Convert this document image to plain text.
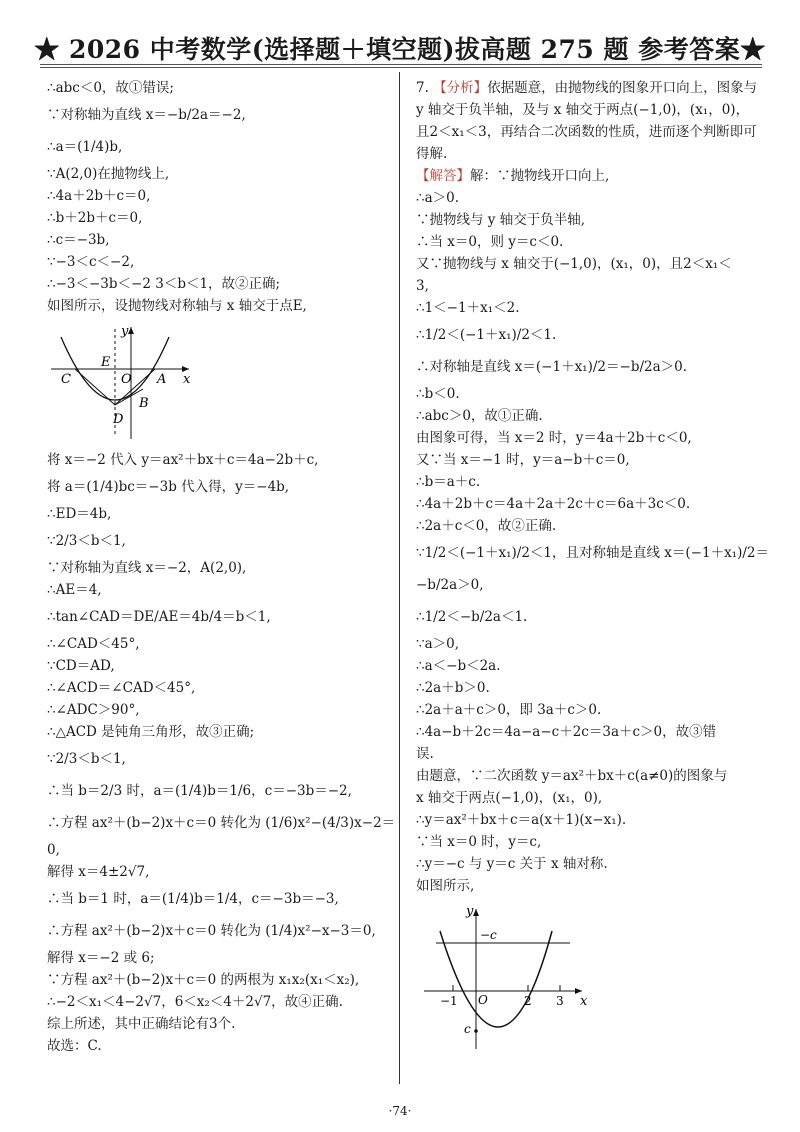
★ 2026 中考数学(选择题＋填空题)拔高题 275 题 参考答案★
∴abc＜0，故①错误;
∵对称轴为直线 x＝−b/2a＝−2,
∴a＝(1/4)b,
∵A(2,0)在抛物线上,
∴4a＋2b＋c＝0,
∴b＋2b＋c＝0,
∴c＝−3b,
∵−3＜c＜−2,
∴−3＜−3b＜−2 3＜b＜1，故②正确;
如图所示，设抛物线对称轴与 x 轴交于点E,
y
x
C
E
O A
B
D
将 x＝−2 代入 y＝ax²＋bx＋c＝4a−2b＋c,
将 a＝(1/4)bc＝−3b 代入得，y＝−4b,
∴ED＝4b,
∵2/3＜b＜1,
∵对称轴为直线 x＝−2，A(2,0),
∴AE＝4,
∴tan∠CAD＝DE/AE＝4b/4＝b＜1,
∴∠CAD＜45°,
∵CD＝AD,
∴∠ACD＝∠CAD＜45°,
∴∠ADC＞90°,
∴△ACD 是钝角三角形，故③正确;
∵2/3＜b＜1,
∴当 b＝2/3 时，a＝(1/4)b＝1/6，c＝−3b＝−2,
∴方程 ax²＋(b−2)x＋c＝0 转化为 (1/6)x²−(4/3)x−2＝
0,
解得 x＝4±2√7,
∴当 b＝1 时，a＝(1/4)b＝1/4，c＝−3b＝−3,
∴方程 ax²＋(b−2)x＋c＝0 转化为 (1/4)x²−x−3＝0,
解得 x＝−2 或 6;
∵方程 ax²＋(b−2)x＋c＝0 的两根为 x₁x₂(x₁＜x₂),
∴−2＜x₁＜4−2√7，6＜x₂＜4＋2√7，故④正确.
综上所述，其中正确结论有3个.
故选：C.
7. 【分析】依据题意，由抛物线的图象开口向上，图象与 y 轴交于负半轴，及与 x 轴交于两点(−1,0)，(x₁，0)，且2＜x₁＜3，再结合二次函数的性质，进而逐个判断即可得解.
【解答】解：∵抛物线开口向上,
∴a＞0.
∵抛物线与 y 轴交于负半轴,
∴当 x＝0，则 y＝c＜0.
又∵抛物线与 x 轴交于(−1,0)，(x₁，0)，且2＜x₁＜
3,
∴1＜−1＋x₁＜2.
∴1/2＜(−1＋x₁)/2＜1.
∴对称轴是直线 x＝(−1＋x₁)/2＝−b/2a＞0.
∴b＜0.
∴abc＞0，故①正确.
由图象可得，当 x＝2 时，y＝4a＋2b＋c＜0,
又∵当 x＝−1 时，y＝a−b＋c＝0,
∴b＝a＋c.
∴4a＋2b＋c＝4a＋2a＋2c＋c＝6a＋3c＜0.
∴2a＋c＜0，故②正确.
∵1/2＜(−1＋x₁)/2＜1，且对称轴是直线 x＝(−1＋x₁)/2＝
−b/2a＞0,
∴1/2＜−b/2a＜1.
∵a＞0,
∴a＜−b＜2a.
∴2a＋b＞0.
∴2a＋a＋c＞0，即 3a＋c＞0.
∴4a−b＋2c＝4a−a−c＋2c＝3a＋c＞0，故③错
误.
由题意，∵二次函数 y＝ax²＋bx＋c(a≠0)的图象与
x 轴交于两点(−1,0)，(x₁，0),
∴y＝ax²＋bx＋c＝a(x＋1)(x−x₁).
∵当 x＝0 时，y＝c,
∴y＝−c 与 y＝c 关于 x 轴对称.
如图所示,
y
x
−c
c
−1 O	2 3
·74·
